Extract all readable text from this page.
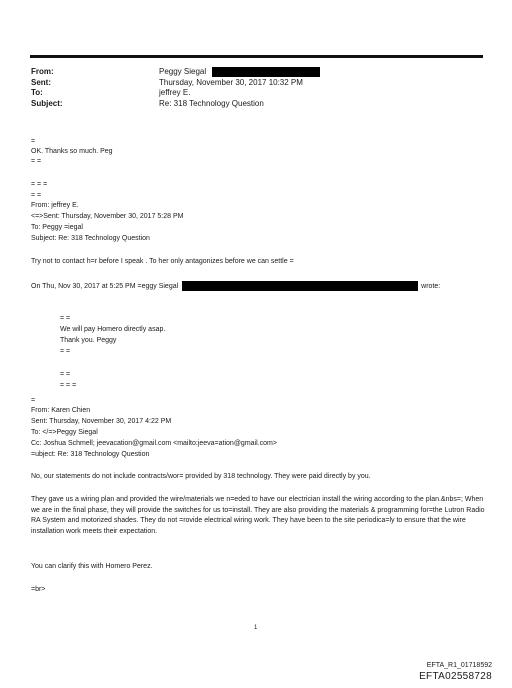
From:	Peggy Siegal
Sent:	Thursday, November 30, 2017 10:32 PM
To:	jeffrey E.
Subject:	Re: 318 Technology Question
=
OK. Thanks so much. Peg
= =
= = =
= =
From: jeffrey E.
<=>Sent: Thursday, November 30, 2017 5:28 PM
To: Peggy =iegal
Subject: Re: 318 Technology Question
Try not to contact h=r before I speak . To her only antagonizes before we can settle =
On Thu, Nov 30, 2017 at 5:25 PM =eggy Siegal	wrote:
= =
We will pay Homero directly asap.
Thank you. Peggy
= =
= =
= = =
=
From: Karen Chien
Sent: Thursday, November 30, 2017 4:22 PM
To: </=>Peggy Siegal
Cc: Joshua Schmell; jeevacation@gmail.com <mailto:jeeva=ation@gmail.com>
=ubject: Re: 318 Technology Question
No, our statements do not include contracts/wor= provided by 318 technology. They were paid directly by you.
They gave us a wiring plan and provided the wire/materials we n=eded to have our electrician install the wiring according to the plan.&nbs=; When we are in the final phase, they will provide the switches for us to=install. They are also providing the materials & programming for=the Lutron Radio RA System and motorized shades. They do not =rovide electrical wiring work. They have been to the site periodica=ly to ensure that the wire installation work meets their expectation.
You can clarify this with Homero Perez.
=br>
1
EFTA_R1_01718592
EFTA02558728
